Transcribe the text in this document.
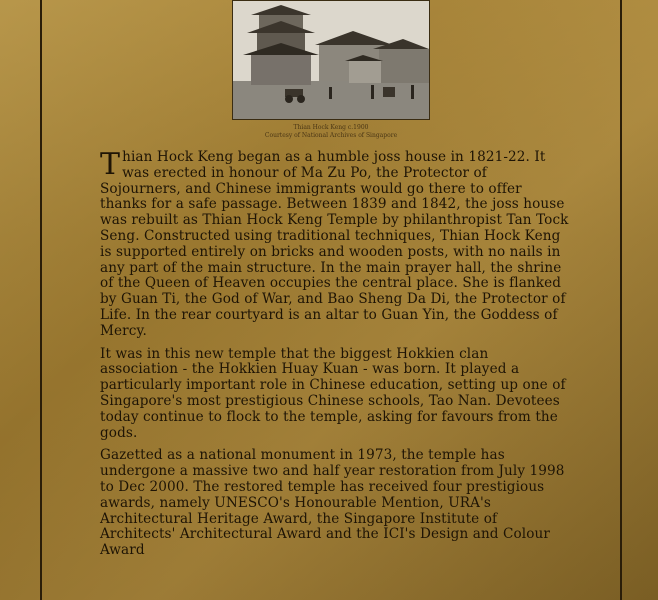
Thian Hock Keng c.1900
Courtesy of National Archives of Singapore

Thian Hock Keng began as a humble joss house in 1821-22. It was erected in honour of Ma Zu Po, the Protector of Sojourners, and Chinese immigrants would go there to offer thanks for a safe passage. Between 1839 and 1842, the joss house was rebuilt as Thian Hock Keng Temple by philanthropist Tan Tock Seng. Constructed using traditional techniques, Thian Hock Keng is supported entirely on bricks and wooden posts, with no nails in any part of the main structure. In the main prayer hall, the shrine of the Queen of Heaven occupies the central place. She is flanked by Guan Ti, the God of War, and Bao Sheng Da Di, the Protector of Life. In the rear courtyard is an altar to Guan Yin, the Goddess of Mercy.

It was in this new temple that the biggest Hokkien clan association - the Hokkien Huay Kuan - was born. It played a particularly important role in Chinese education, setting up one of Singapore's most prestigious Chinese schools, Tao Nan. Devotees today continue to flock to the temple, asking for favours from the gods.

Gazetted as a national monument in 1973, the temple has undergone a massive two and half year restoration from July 1998 to Dec 2000. The restored temple has received four prestigious awards, namely UNESCO's Honourable Mention, URA's Architectural Heritage Award, the Singapore Institute of Architects' Architectural Award and the ICI's Design and Colour Award
